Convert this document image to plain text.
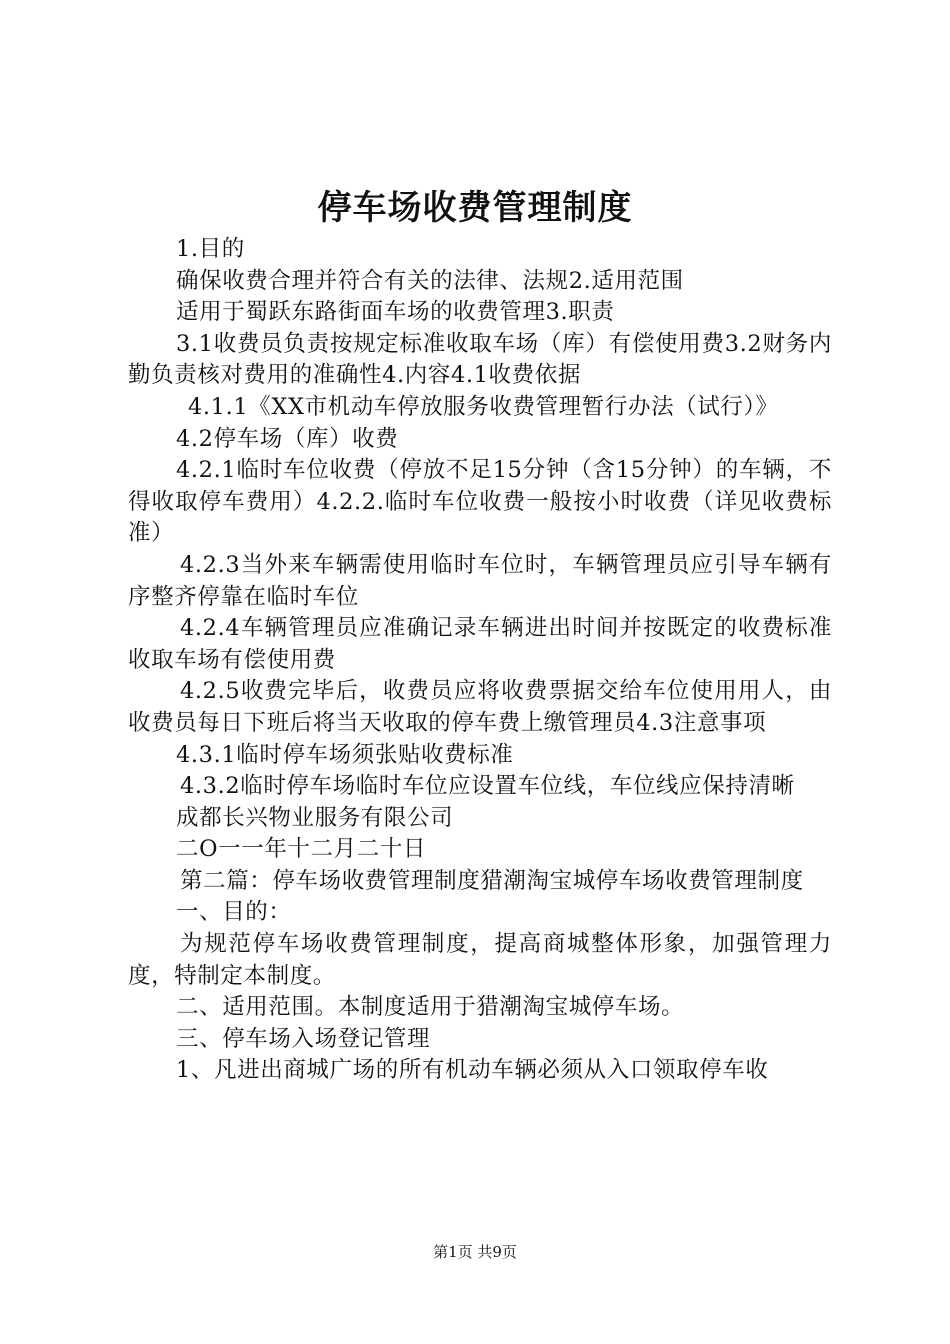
停车场收费管理制度

1.目的

确保收费合理并符合有关的法律、法规2.适用范围

适用于蜀跃东路街面车场的收费管理3.职责

3.1收费员负责按规定标准收取车场（库）有偿使用费3.2财务内勤负责核对费用的准确性4.内容4.1收费依据

4.1.1《XX市机动车停放服务收费管理暂行办法（试行）》

4.2停车场（库）收费

4.2.1临时车位收费（停放不足15分钟（含15分钟）的车辆，不得收取停车费用）4.2.2.临时车位收费一般按小时收费（详见收费标准）

4.2.3当外来车辆需使用临时车位时，车辆管理员应引导车辆有序整齐停靠在临时车位

4.2.4车辆管理员应准确记录车辆进出时间并按既定的收费标准收取车场有偿使用费

4.2.5收费完毕后，收费员应将收费票据交给车位使用用人，由收费员每日下班后将当天收取的停车费上缴管理员4.3注意事项

4.3.1临时停车场须张贴收费标准

4.3.2临时停车场临时车位应设置车位线，车位线应保持清晰

成都长兴物业服务有限公司

二O一一年十二月二十日

第二篇：停车场收费管理制度猎潮淘宝城停车场收费管理制度

一、目的：

为规范停车场收费管理制度，提高商城整体形象，加强管理力度，特制定本制度。

二、适用范围。本制度适用于猎潮淘宝城停车场。

三、停车场入场登记管理

1、凡进出商城广场的所有机动车辆必须从入口领取停车收

第1页 共9页
